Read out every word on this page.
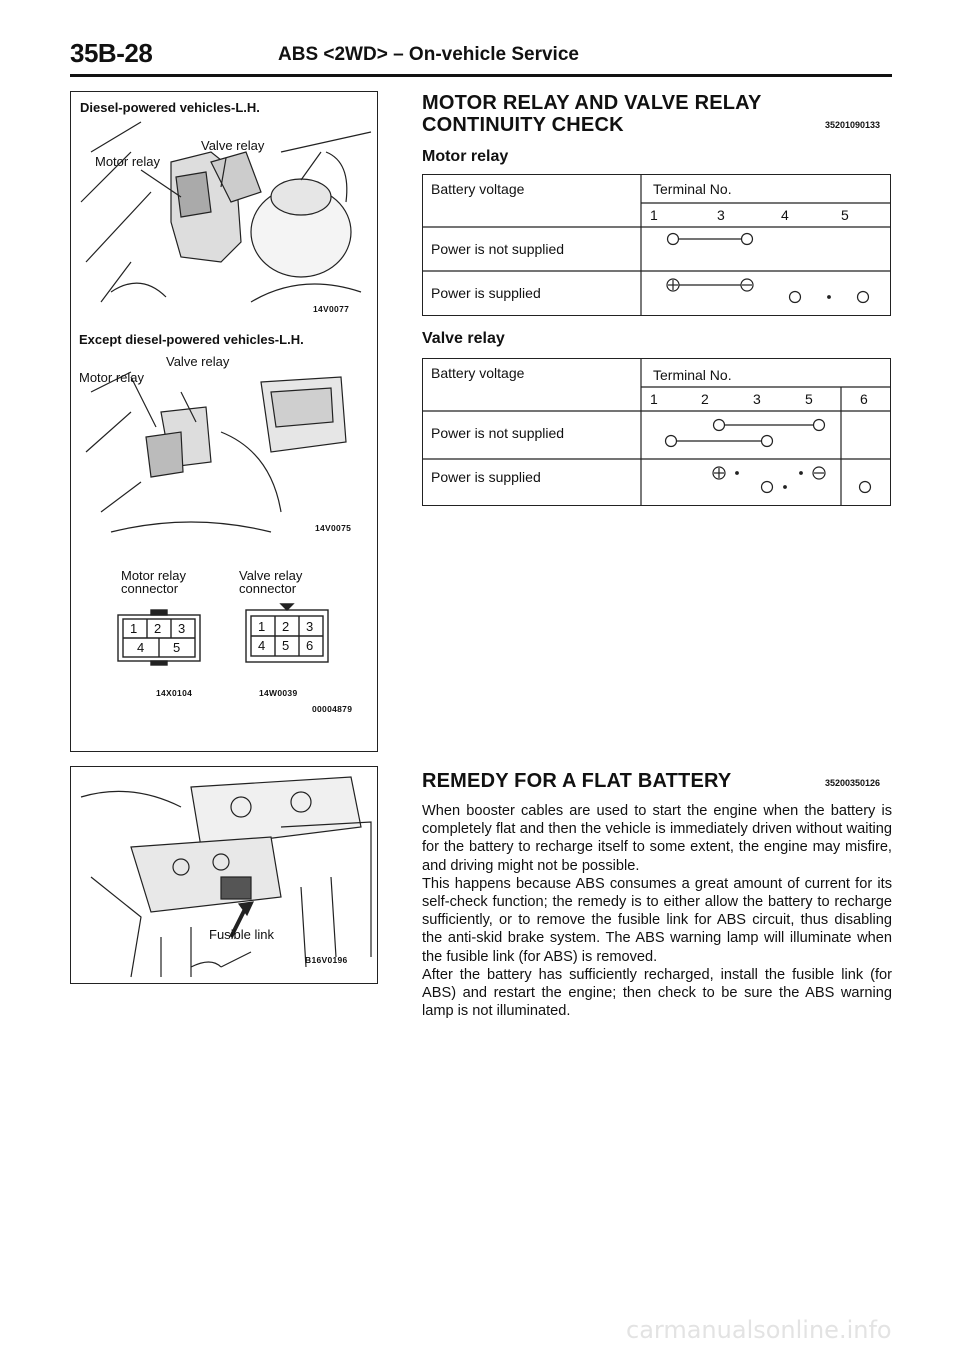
35B-28	ABS <2WD> – On-vehicle Service
Diesel-powered vehicles-L.H.
Valve relay
Motor relay
14V0077
Except diesel-powered vehicles-L.H.
Valve relay
Motor relay
14V0075
Motor relay
connector
Valve relay
connector
1 2 3
4 5
1 2 3
4 5 6
14X0104	14W0039
00004879
Fusible link
B16V0196
MOTOR RELAY AND VALVE RELAY
CONTINUITY CHECK	35201090133
Motor relay
Battery voltage	Terminal No.
1	3	4	5
Power is not supplied
Power is supplied
Valve relay
Battery voltage	Terminal No.
1	2	3	5	6
Power is not supplied
Power is supplied
REMEDY FOR A FLAT BATTERY	35200350126

When booster cables are used to start the engine when the battery is completely flat and then the vehicle is immediately driven without waiting for the battery to recharge itself to some extent, the engine may misfire, and driving might not be possible.

This happens because ABS consumes a great amount of current for its self-check function; the remedy is to either allow the battery to recharge sufficiently, or to remove the fusible link for ABS circuit, thus disabling the anti-skid brake system. The ABS warning lamp will illuminate when the fusible link (for ABS) is removed.

After the battery has sufficiently recharged, install the fusible link (for ABS) and restart the engine; then check to be sure the ABS warning lamp is not illuminated.

carmanualsonline.info
